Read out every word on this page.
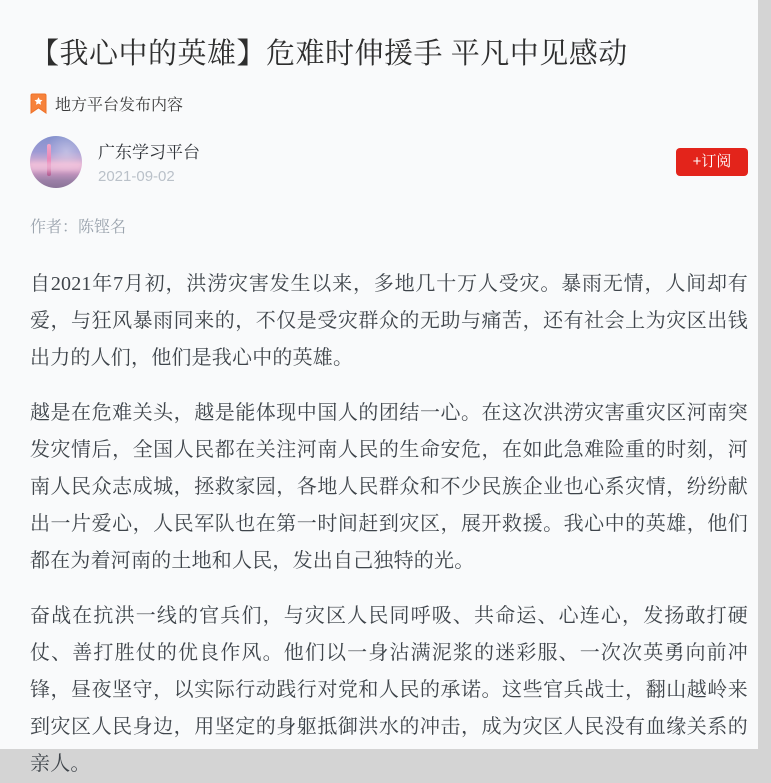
【我心中的英雄】危难时伸援手 平凡中见感动
地方平台发布内容
广东学习平台
2021-09-02
+订阅
作者：陈铿名

自2021年7月初，洪涝灾害发生以来，多地几十万人受灾。暴雨无情，人间却有爱，与狂风暴雨同来的，不仅是受灾群众的无助与痛苦，还有社会上为灾区出钱出力的人们，他们是我心中的英雄。

越是在危难关头，越是能体现中国人的团结一心。在这次洪涝灾害重灾区河南突发灾情后，全国人民都在关注河南人民的生命安危，在如此急难险重的时刻，河南人民众志成城，拯救家园，各地人民群众和不少民族企业也心系灾情，纷纷献出一片爱心，人民军队也在第一时间赶到灾区，展开救援。我心中的英雄，他们都在为着河南的土地和人民，发出自己独特的光。

奋战在抗洪一线的官兵们，与灾区人民同呼吸、共命运、心连心，发扬敢打硬仗、善打胜仗的优良作风。他们以一身沾满泥浆的迷彩服、一次次英勇向前冲锋，昼夜坚守，以实际行动践行对党和人民的承诺。这些官兵战士，翻山越岭来到灾区人民身边，用坚定的身躯抵御洪水的冲击，成为灾区人民没有血缘关系的亲人。
